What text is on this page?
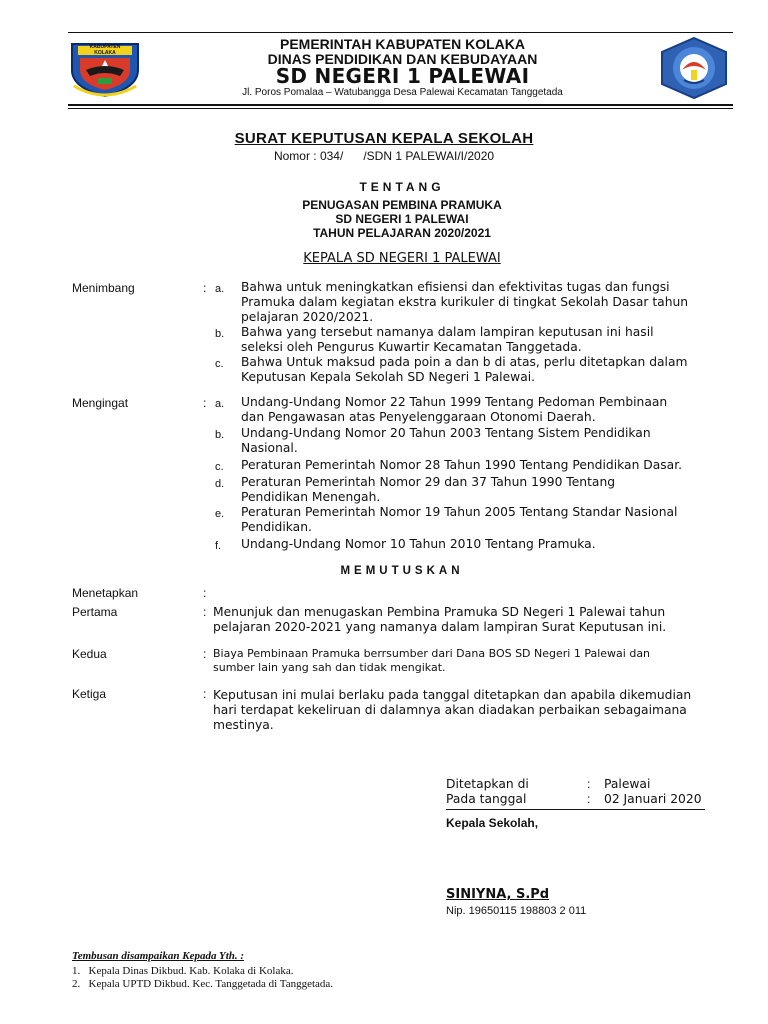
KABUPATEN KOLAKA
PEMERINTAH KABUPATEN KOLAKA
DINAS PENDIDIKAN DAN KEBUDAYAAN
SD NEGERI 1 PALEWAI
Jl. Poros Pomalaa – Watubangga Desa Palewai Kecamatan Tanggetada
SURAT KEPUTUSAN KEPALA SEKOLAH
Nomor : 034/      /SDN 1 PALEWAI/I/2020
TENTANG
PENUGASAN PEMBINA PRAMUKA
SD NEGERI 1 PALEWAI
TAHUN PELAJARAN 2020/2021
KEPALA SD NEGERI 1 PALEWAI
Menimbang	: a. Bahwa untuk meningkatkan efisiensi dan efektivitas tugas dan fungsi
Pramuka dalam kegiatan ekstra kurikuler di tingkat Sekolah Dasar tahun
pelajaran 2020/2021.
b. Bahwa yang tersebut namanya dalam lampiran keputusan ini hasil
seleksi oleh Pengurus Kuwartir Kecamatan Tanggetada.
c. Bahwa Untuk maksud pada poin a dan b di atas, perlu ditetapkan dalam
Keputusan Kepala Sekolah SD Negeri 1 Palewai.
Mengingat	: a. Undang-Undang Nomor 22 Tahun 1999 Tentang Pedoman Pembinaan
dan Pengawasan atas Penyelenggaraan Otonomi Daerah.
b. Undang-Undang Nomor 20 Tahun 2003 Tentang Sistem Pendidikan
Nasional.
c. Peraturan Pemerintah Nomor 28 Tahun 1990 Tentang Pendidikan Dasar.
d. Peraturan Pemerintah Nomor 29 dan 37 Tahun 1990 Tentang
Pendidikan Menengah.
e. Peraturan Pemerintah Nomor 19 Tahun 2005 Tentang Standar Nasional
Pendidikan.
f. Undang-Undang Nomor 10 Tahun 2010 Tentang Pramuka.
MEMUTUSKAN
Menetapkan	:
Pertama	: Menunjuk dan menugaskan Pembina Pramuka SD Negeri 1 Palewai tahun
pelajaran 2020-2021 yang namanya dalam lampiran Surat Keputusan ini.
Kedua	: Biaya Pembinaan Pramuka berrsumber dari Dana BOS SD Negeri 1 Palewai dan
sumber lain yang sah dan tidak mengikat.
Ketiga	: Keputusan ini mulai berlaku pada tanggal ditetapkan dan apabila dikemudian
hari terdapat kekeliruan di dalamnya akan diadakan perbaikan sebagaimana
mestinya.
Ditetapkan di	: Palewai
Pada tanggal	: 02 Januari 2020
Kepala Sekolah,
SINIYNA, S.Pd
Nip. 19650115 198803 2 011
Tembusan disampaikan Kepada Yth. :
1.   Kepala Dinas Dikbud. Kab. Kolaka di Kolaka.
2.   Kepala UPTD Dikbud. Kec. Tanggetada di Tanggetada.
